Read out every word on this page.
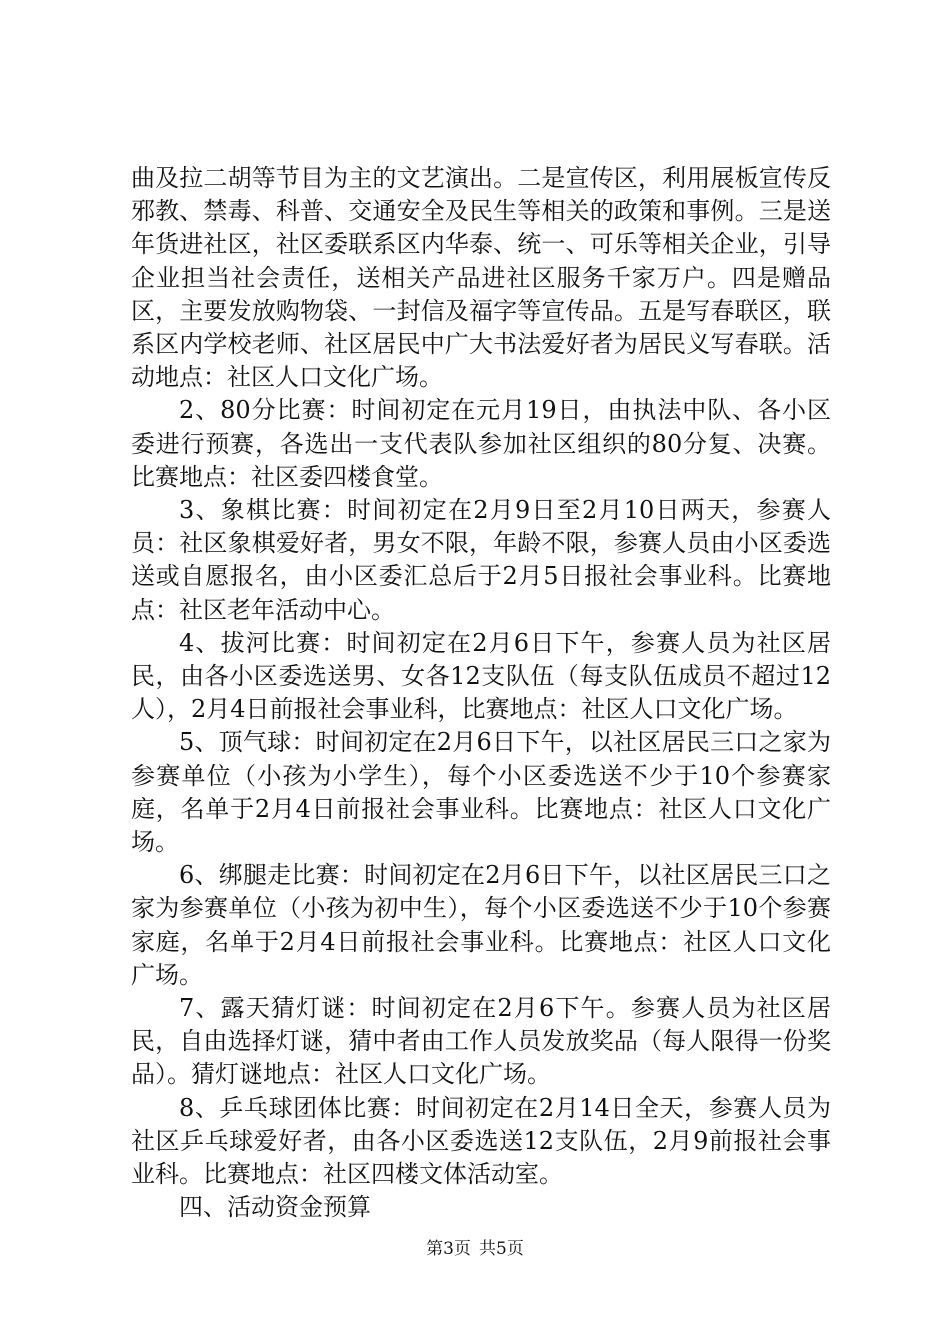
曲及拉二胡等节目为主的文艺演出。二是宣传区，利用展板宣传反邪教、禁毒、科普、交通安全及民生等相关的政策和事例。三是送年货进社区，社区委联系区内华泰、统一、可乐等相关企业，引导企业担当社会责任，送相关产品进社区服务千家万户。四是赠品区，主要发放购物袋、一封信及福字等宣传品。五是写春联区，联系区内学校老师、社区居民中广大书法爱好者为居民义写春联。活动地点：社区人口文化广场。

2、80分比赛：时间初定在元月19日，由执法中队、各小区委进行预赛，各选出一支代表队参加社区组织的80分复、决赛。比赛地点：社区委四楼食堂。

3、象棋比赛：时间初定在2月9日至2月10日两天，参赛人员：社区象棋爱好者，男女不限，年龄不限，参赛人员由小区委选送或自愿报名，由小区委汇总后于2月5日报社会事业科。比赛地点：社区老年活动中心。

4、拔河比赛：时间初定在2月6日下午，参赛人员为社区居民，由各小区委选送男、女各12支队伍（每支队伍成员不超过12人），2月4日前报社会事业科，比赛地点：社区人口文化广场。

5、顶气球：时间初定在2月6日下午，以社区居民三口之家为参赛单位（小孩为小学生），每个小区委选送不少于10个参赛家庭，名单于2月4日前报社会事业科。比赛地点：社区人口文化广场。

6、绑腿走比赛：时间初定在2月6日下午，以社区居民三口之家为参赛单位（小孩为初中生），每个小区委选送不少于10个参赛家庭，名单于2月4日前报社会事业科。比赛地点：社区人口文化广场。

7、露天猜灯谜：时间初定在2月6下午。参赛人员为社区居民，自由选择灯谜，猜中者由工作人员发放奖品（每人限得一份奖品）。猜灯谜地点：社区人口文化广场。

8、乒乓球团体比赛：时间初定在2月14日全天，参赛人员为社区乒乓球爱好者，由各小区委选送12支队伍，2月9前报社会事业科。比赛地点：社区四楼文体活动室。

四、活动资金预算

第3页 共5页
